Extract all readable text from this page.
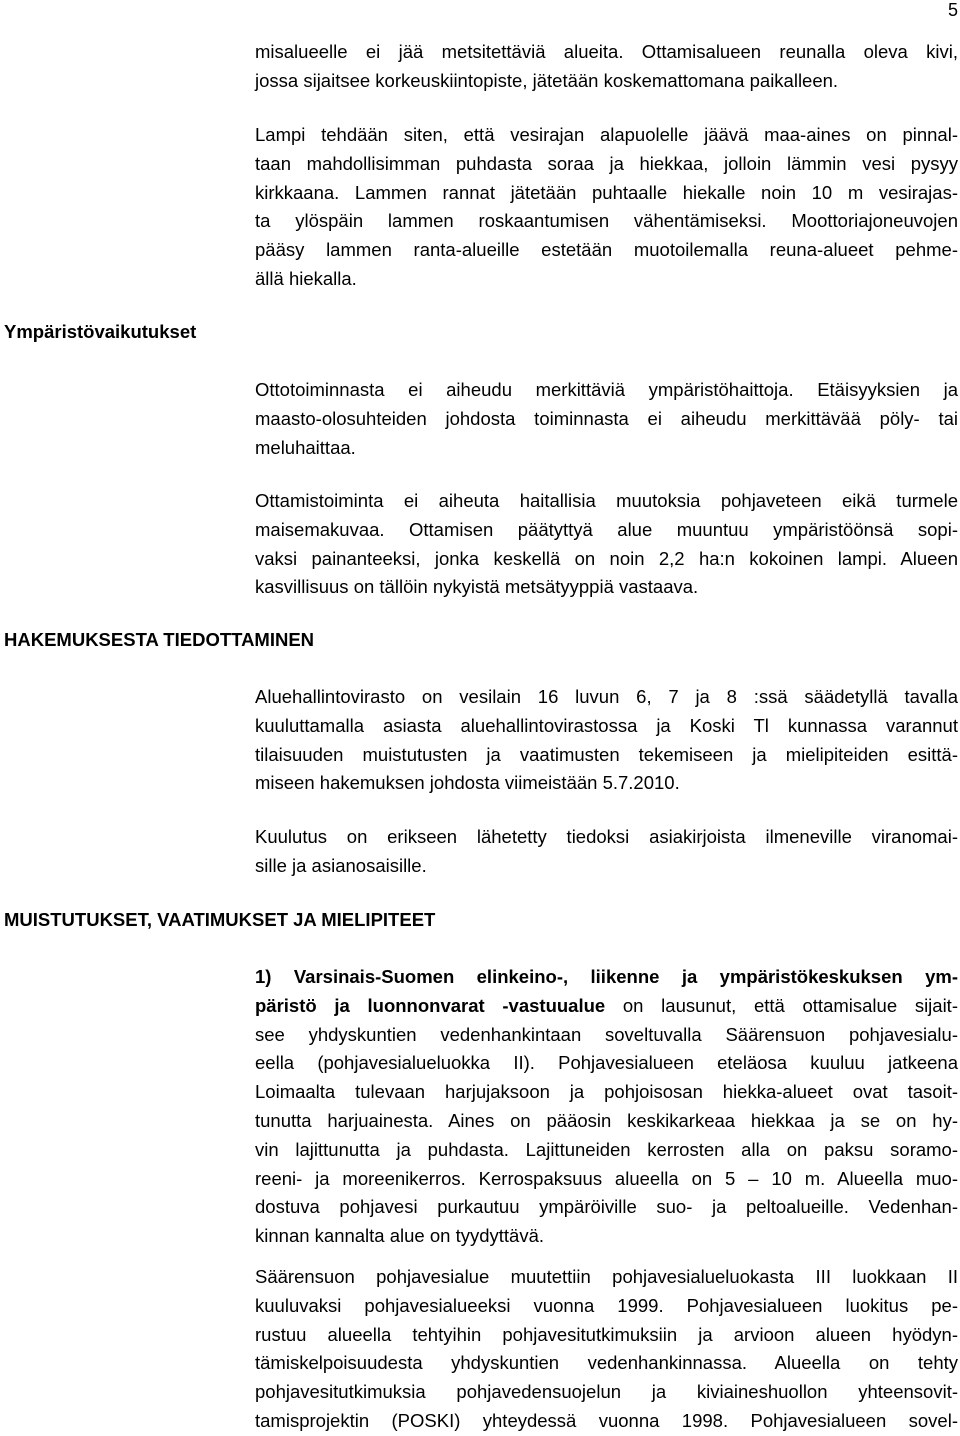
5
misalueelle ei jää metsitettäviä alueita. Ottamisalueen reunalla oleva kivi,
jossa sijaitsee korkeuskiintopiste, jätetään koskemattomana paikalleen.
Lampi tehdään siten, että vesirajan alapuolelle jäävä maa-aines on pinnal-
taan mahdollisimman puhdasta soraa ja hiekkaa, jolloin lämmin vesi pysyy
kirkkaana. Lammen rannat jätetään puhtaalle hiekalle noin 10 m vesirajas-
ta ylöspäin lammen roskaantumisen vähentämiseksi. Moottoriajoneuvojen
pääsy lammen ranta-alueille estetään muotoilemalla reuna-alueet pehme-
ällä hiekalla.
Ympäristövaikutukset
Ottotoiminnasta ei aiheudu merkittäviä ympäristöhaittoja. Etäisyyksien ja
maasto-olosuhteiden johdosta toiminnasta ei aiheudu merkittävää pöly- tai
meluhaittaa.
Ottamistoiminta ei aiheuta haitallisia muutoksia pohjaveteen eikä turmele
maisemakuvaa. Ottamisen päätyttyä alue muuntuu ympäristöönsä sopi-
vaksi painanteeksi, jonka keskellä on noin 2,2 ha:n kokoinen lampi. Alueen
kasvillisuus on tällöin nykyistä metsätyyppiä vastaava.
HAKEMUKSESTA TIEDOTTAMINEN
Aluehallintovirasto on vesilain 16 luvun 6, 7 ja 8 :ssä säädetyllä tavalla
kuuluttamalla asiasta aluehallintovirastossa ja Koski Tl kunnassa varannut
tilaisuuden muistutusten ja vaatimusten tekemiseen ja mielipiteiden esittä-
miseen hakemuksen johdosta viimeistään 5.7.2010.
Kuulutus on erikseen lähetetty tiedoksi asiakirjoista ilmeneville viranomai-
sille ja asianosaisille.
MUISTUTUKSET, VAATIMUKSET JA MIELIPITEET
1) Varsinais-Suomen elinkeino-, liikenne ja ympäristökeskuksen ym-
päristö ja luonnonvarat -vastuualue on lausunut, että ottamisalue sijait-
see yhdyskuntien vedenhankintaan soveltuvalla Säärensuon pohjavesialu-
eella (pohjavesialueluokka II). Pohjavesialueen eteläosa kuuluu jatkeena
Loimaalta tulevaan harjujaksoon ja pohjoisosan hiekka-alueet ovat tasoit-
tunutta harjuainesta. Aines on pääosin keskikarkeaa hiekkaa ja se on hy-
vin lajittunutta ja puhdasta. Lajittuneiden kerrosten alla on paksu soramo-
reeni- ja moreenikerros. Kerrospaksuus alueella on 5 – 10 m. Alueella muo-
dostuva pohjavesi purkautuu ympäröiville suo- ja peltoalueille. Vedenhan-
kinnan kannalta alue on tyydyttävä.
Säärensuon pohjavesialue muutettiin pohjavesialueluokasta III luokkaan II
kuuluvaksi pohjavesialueeksi vuonna 1999. Pohjavesialueen luokitus pe-
rustuu alueella tehtyihin pohjavesitutkimuksiin ja arvioon alueen hyödyn-
tämiskelpoisuudesta yhdyskuntien vedenhankinnassa. Alueella on tehty
pohjavesitutkimuksia pohjavedensuojelun ja kiviaineshuollon yhteensovit-
tamisprojektin (POSKI) yhteydessä vuonna 1998. Pohjavesialueen sovel-
